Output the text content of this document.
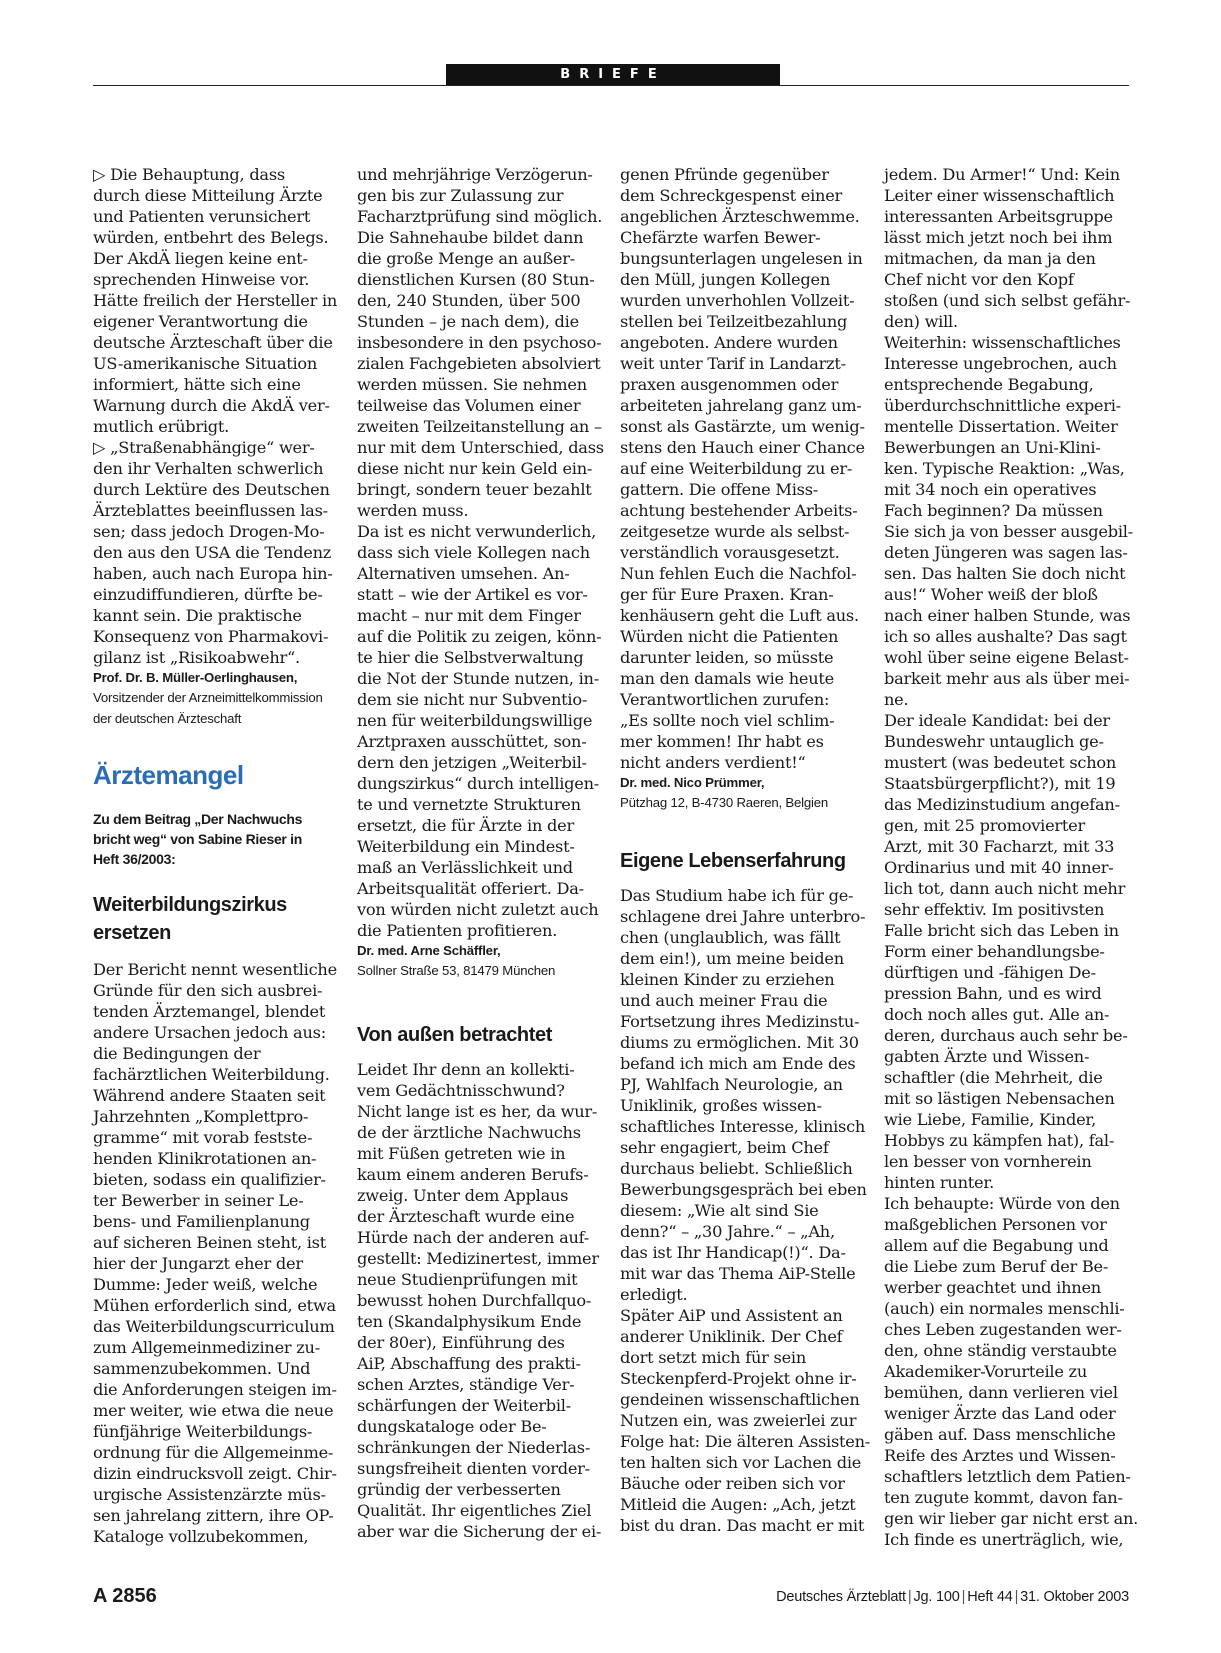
BRIEFE

▷ Die Behauptung, dass
durch diese Mitteilung Ärzte
und Patienten verunsichert
würden, entbehrt des Belegs.
Der AkdÄ liegen keine ent-
sprechenden Hinweise vor.
Hätte freilich der Hersteller in
eigener Verantwortung die
deutsche Ärzteschaft über die
US-amerikanische Situation
informiert, hätte sich eine
Warnung durch die AkdÄ ver-
mutlich erübrigt.
▷ „Straßenabhängige“ wer-
den ihr Verhalten schwerlich
durch Lektüre des Deutschen
Ärzteblattes beeinflussen las-
sen; dass jedoch Drogen-Mo-
den aus den USA die Tendenz
haben, auch nach Europa hin-
einzudiffundieren, dürfte be-
kannt sein. Die praktische
Konsequenz von Pharmakovi-
gilanz ist „Risikoabwehr“.

Prof. Dr. B. Müller-Oerlinghausen,
Vorsitzender der Arzneimittelkommission
der deutschen Ärzteschaft
Ärztemangel
Zu dem Beitrag „Der Nachwuchs
bricht weg“ von Sabine Rieser in
Heft 36/2003:
Weiterbildungszirkus
ersetzen

Der Bericht nennt wesentliche
Gründe für den sich ausbrei-
tenden Ärztemangel, blendet
andere Ursachen jedoch aus:
die Bedingungen der
fachärztlichen Weiterbildung.
Während andere Staaten seit
Jahrzehnten „Komplettpro-
gramme“ mit vorab festste-
henden Klinikrotationen an-
bieten, sodass ein qualifizier-
ter Bewerber in seiner Le-
bens- und Familienplanung
auf sicheren Beinen steht, ist
hier der Jungarzt eher der
Dumme: Jeder weiß, welche
Mühen erforderlich sind, etwa
das Weiterbildungscurriculum
zum Allgemeinmediziner zu-
sammenzubekommen. Und
die Anforderungen steigen im-
mer weiter, wie etwa die neue
fünfjährige Weiterbildungs-
ordnung für die Allgemeinme-
dizin eindrucksvoll zeigt. Chir-
urgische Assistenzärzte müs-
sen jahrelang zittern, ihre OP-
Kataloge vollzubekommen,

und mehrjährige Verzögerun-
gen bis zur Zulassung zur
Facharztprüfung sind möglich.
Die Sahnehaube bildet dann
die große Menge an außer-
dienstlichen Kursen (80 Stun-
den, 240 Stunden, über 500
Stunden – je nach dem), die
insbesondere in den psychoso-
zialen Fachgebieten absolviert
werden müssen. Sie nehmen
teilweise das Volumen einer
zweiten Teilzeitanstellung an –
nur mit dem Unterschied, dass
diese nicht nur kein Geld ein-
bringt, sondern teuer bezahlt
werden muss.
Da ist es nicht verwunderlich,
dass sich viele Kollegen nach
Alternativen umsehen. An-
statt – wie der Artikel es vor-
macht – nur mit dem Finger
auf die Politik zu zeigen, könn-
te hier die Selbstverwaltung
die Not der Stunde nutzen, in-
dem sie nicht nur Subventio-
nen für weiterbildungswillige
Arztpraxen ausschüttet, son-
dern den jetzigen „Weiterbil-
dungszirkus“ durch intelligen-
te und vernetzte Strukturen
ersetzt, die für Ärzte in der
Weiterbildung ein Mindest-
maß an Verlässlichkeit und
Arbeitsqualität offeriert. Da-
von würden nicht zuletzt auch
die Patienten profitieren.

Dr. med. Arne Schäffler,
Sollner Straße 53, 81479 München
Von außen betrachtet

Leidet Ihr denn an kollekti-
vem Gedächtnisschwund?
Nicht lange ist es her, da wur-
de der ärztliche Nachwuchs
mit Füßen getreten wie in
kaum einem anderen Berufs-
zweig. Unter dem Applaus
der Ärzteschaft wurde eine
Hürde nach der anderen auf-
gestellt: Medizinertest, immer
neue Studienprüfungen mit
bewusst hohen Durchfallquo-
ten (Skandalphysikum Ende
der 80er), Einführung des
AiP, Abschaffung des prakti-
schen Arztes, ständige Ver-
schärfungen der Weiterbil-
dungskataloge oder Be-
schränkungen der Niederlas-
sungsfreiheit dienten vorder-
gründig der verbesserten
Qualität. Ihr eigentliches Ziel
aber war die Sicherung der ei-

genen Pfründe gegenüber
dem Schreckgespenst einer
angeblichen Ärzteschwemme.
Chefärzte warfen Bewer-
bungsunterlagen ungelesen in
den Müll, jungen Kollegen
wurden unverhohlen Vollzeit-
stellen bei Teilzeitbezahlung
angeboten. Andere wurden
weit unter Tarif in Landarzt-
praxen ausgenommen oder
arbeiteten jahrelang ganz um-
sonst als Gastärzte, um wenig-
stens den Hauch einer Chance
auf eine Weiterbildung zu er-
gattern. Die offene Miss-
achtung bestehender Arbeits-
zeitgesetze wurde als selbst-
verständlich vorausgesetzt.
Nun fehlen Euch die Nachfol-
ger für Eure Praxen. Kran-
kenhäusern geht die Luft aus.
Würden nicht die Patienten
darunter leiden, so müsste
man den damals wie heute
Verantwortlichen zurufen:
„Es sollte noch viel schlim-
mer kommen! Ihr habt es
nicht anders verdient!“

Dr. med. Nico Prümmer,
Pützhag 12, B-4730 Raeren, Belgien
Eigene Lebenserfahrung

Das Studium habe ich für ge-
schlagene drei Jahre unterbro-
chen (unglaublich, was fällt
dem ein!), um meine beiden
kleinen Kinder zu erziehen
und auch meiner Frau die
Fortsetzung ihres Medizinstu-
diums zu ermöglichen. Mit 30
befand ich mich am Ende des
PJ, Wahlfach Neurologie, an
Uniklinik, großes wissen-
schaftliches Interesse, klinisch
sehr engagiert, beim Chef
durchaus beliebt. Schließlich
Bewerbungsgespräch bei eben
diesem: „Wie alt sind Sie
denn?“ – „30 Jahre.“ – „Ah,
das ist Ihr Handicap(!)“. Da-
mit war das Thema AiP-Stelle
erledigt.
Später AiP und Assistent an
anderer Uniklinik. Der Chef
dort setzt mich für sein
Steckenpferd-Projekt ohne ir-
gendeinen wissenschaftlichen
Nutzen ein, was zweierlei zur
Folge hat: Die älteren Assisten-
ten halten sich vor Lachen die
Bäuche oder reiben sich vor
Mitleid die Augen: „Ach, jetzt
bist du dran. Das macht er mit

jedem. Du Armer!“ Und: Kein
Leiter einer wissenschaftlich
interessanten Arbeitsgruppe
lässt mich jetzt noch bei ihm
mitmachen, da man ja den
Chef nicht vor den Kopf
stoßen (und sich selbst gefähr-
den) will.
Weiterhin: wissenschaftliches
Interesse ungebrochen, auch
entsprechende Begabung,
überdurchschnittliche experi-
mentelle Dissertation. Weiter
Bewerbungen an Uni-Klini-
ken. Typische Reaktion: „Was,
mit 34 noch ein operatives
Fach beginnen? Da müssen
Sie sich ja von besser ausgebil-
deten Jüngeren was sagen las-
sen. Das halten Sie doch nicht
aus!“ Woher weiß der bloß
nach einer halben Stunde, was
ich so alles aushalte? Das sagt
wohl über seine eigene Belast-
barkeit mehr aus als über mei-
ne.
Der ideale Kandidat: bei der
Bundeswehr untauglich ge-
mustert (was bedeutet schon
Staatsbürgerpflicht?), mit 19
das Medizinstudium angefan-
gen, mit 25 promovierter
Arzt, mit 30 Facharzt, mit 33
Ordinarius und mit 40 inner-
lich tot, dann auch nicht mehr
sehr effektiv. Im positivsten
Falle bricht sich das Leben in
Form einer behandlungsbe-
dürftigen und -fähigen De-
pression Bahn, und es wird
doch noch alles gut. Alle an-
deren, durchaus auch sehr be-
gabten Ärzte und Wissen-
schaftler (die Mehrheit, die
mit so lästigen Nebensachen
wie Liebe, Familie, Kinder,
Hobbys zu kämpfen hat), fal-
len besser von vornherein
hinten runter.
Ich behaupte: Würde von den
maßgeblichen Personen vor
allem auf die Begabung und
die Liebe zum Beruf der Be-
werber geachtet und ihnen
(auch) ein normales menschli-
ches Leben zugestanden wer-
den, ohne ständig verstaubte
Akademiker-Vorurteile zu
bemühen, dann verlieren viel
weniger Ärzte das Land oder
gäben auf. Dass menschliche
Reife des Arztes und Wissen-
schaftlers letztlich dem Patien-
ten zugute kommt, davon fan-
gen wir lieber gar nicht erst an.
Ich finde es unerträglich, wie,

A 2856	Deutsches Ärzteblatt | Jg. 100 | Heft 44 | 31. Oktober 2003
